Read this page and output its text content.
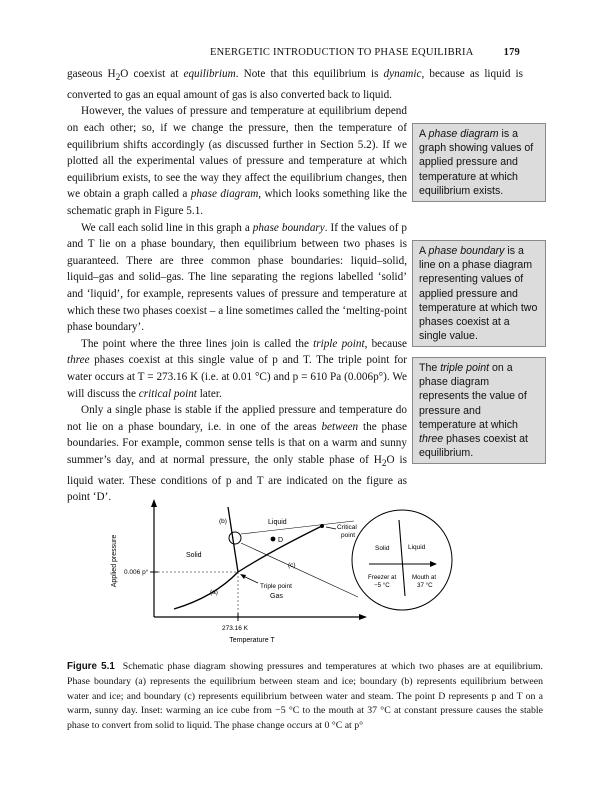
ENERGETIC INTRODUCTION TO PHASE EQUILIBRIA	179

gaseous $H_2O$ coexist at equilibrium. Note that this equilibrium is dynamic, because as liquid is converted to gas an equal amount of gas is also converted back to liquid.

However, the values of pressure and temperature at equilibrium depend on each other; so, if we change the pressure, then the temperature of equilibrium shifts accordingly (as discussed further in Section 5.2). If we plotted all the experimental values of pressure and temperature at which equilibrium exists, to see the way they affect the equilibrium changes, then we obtain a graph called a phase diagram, which looks something like the schematic graph in Figure 5.1.

We call each solid line in this graph a phase boundary. If the values of p and T lie on a phase boundary, then equilibrium between two phases is guaranteed. There are three common phase boundaries: liquid–solid, liquid–gas and solid–gas. The line separating the regions labelled ‘solid’ and ‘liquid’, for example, represents values of pressure and temperature at which these two phases coexist – a line sometimes called the ‘melting-point phase boundary’.

The point where the three lines join is called the triple point, because three phases coexist at this single value of p and T. The triple point for water occurs at T = 273.16 K (i.e. at 0.01 °C) and p = 610 Pa (0.006p°). We will discuss the critical point later.

Only a single phase is stable if the applied pressure and temperature do not lie on a phase boundary, i.e. in one of the areas between the phase boundaries. For example, common sense tells is that on a warm and sunny summer’s day, and at normal pressure, the only stable phase of $H_2O$ is liquid water. These conditions of p and T are indicated on the figure as point ‘D’.

A phase diagram is a graph showing values of applied pressure and temperature at which equilibrium exists.
A phase boundary is a line on a phase diagram representing values of applied pressure and temperature at which two phases coexist at a single value.
The triple point on a phase diagram represents the value of pressure and temperature at which three phases coexist at equilibrium.
Applied pressure
Temperature T
0.006 p°
273.16 K
Solid
Liquid
Gas
D
Triple point
Critical
point
(a)
(b)
(c)
Solid	Liquid
Freezer at
−5 °C
Mouth at
37 °C
Figure 5.1 Schematic phase diagram showing pressures and temperatures at which two phases are at equilibrium. Phase boundary (a) represents the equilibrium between steam and ice; boundary (b) represents equilibrium between water and ice; and boundary (c) represents equilibrium between water and steam. The point D represents p and T on a warm, sunny day. Inset: warming an ice cube from −5 °C to the mouth at 37 °C at constant pressure causes the stable phase to convert from solid to liquid. The phase change occurs at 0 °C at p°
